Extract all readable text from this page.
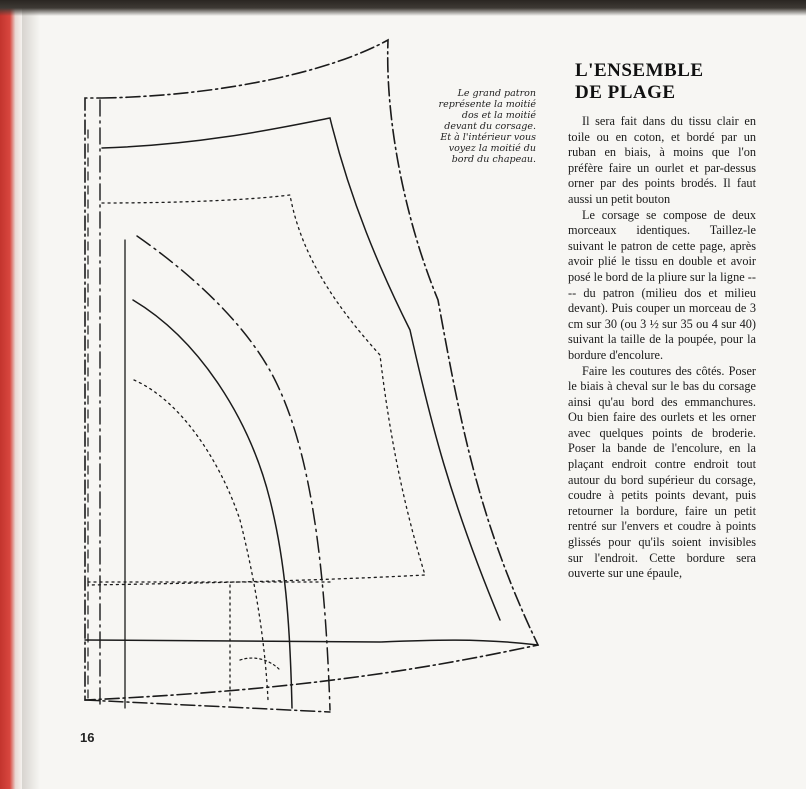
Le grand patron représente la moitié dos et la moitié devant du corsage. Et à l'intérieur vous voyez la moitié du bord du chapeau.
L'ENSEMBLE
DE PLAGE

Il sera fait dans du tissu clair en toile ou en coton, et bordé par un ruban en biais, à moins que l'on préfère faire un ourlet et par-dessus orner par des points brodés. Il faut aussi un petit bouton

Le corsage se compose de deux morceaux identiques. Taillez-le suivant le patron de cette page, après avoir plié le tissu en double et avoir posé le bord de la pliure sur la ligne ---- du patron (milieu dos et milieu devant). Puis couper un morceau de 3 cm sur 30 (ou 3 ½ sur 35 ou 4 sur 40) suivant la taille de la poupée, pour la bordure d'encolure.

Faire les coutures des côtés. Poser le biais à cheval sur le bas du corsage ainsi qu'au bord des emmanchures. Ou bien faire des ourlets et les orner avec quelques points de broderie. Poser la bande de l'encolure, en la plaçant endroit contre endroit tout autour du bord supérieur du corsage, coudre à petits points devant, puis retourner la bordure, faire un petit rentré sur l'envers et coudre à points glissés pour qu'ils soient invisibles sur l'endroit. Cette bordure sera ouverte sur une épaule,

16
